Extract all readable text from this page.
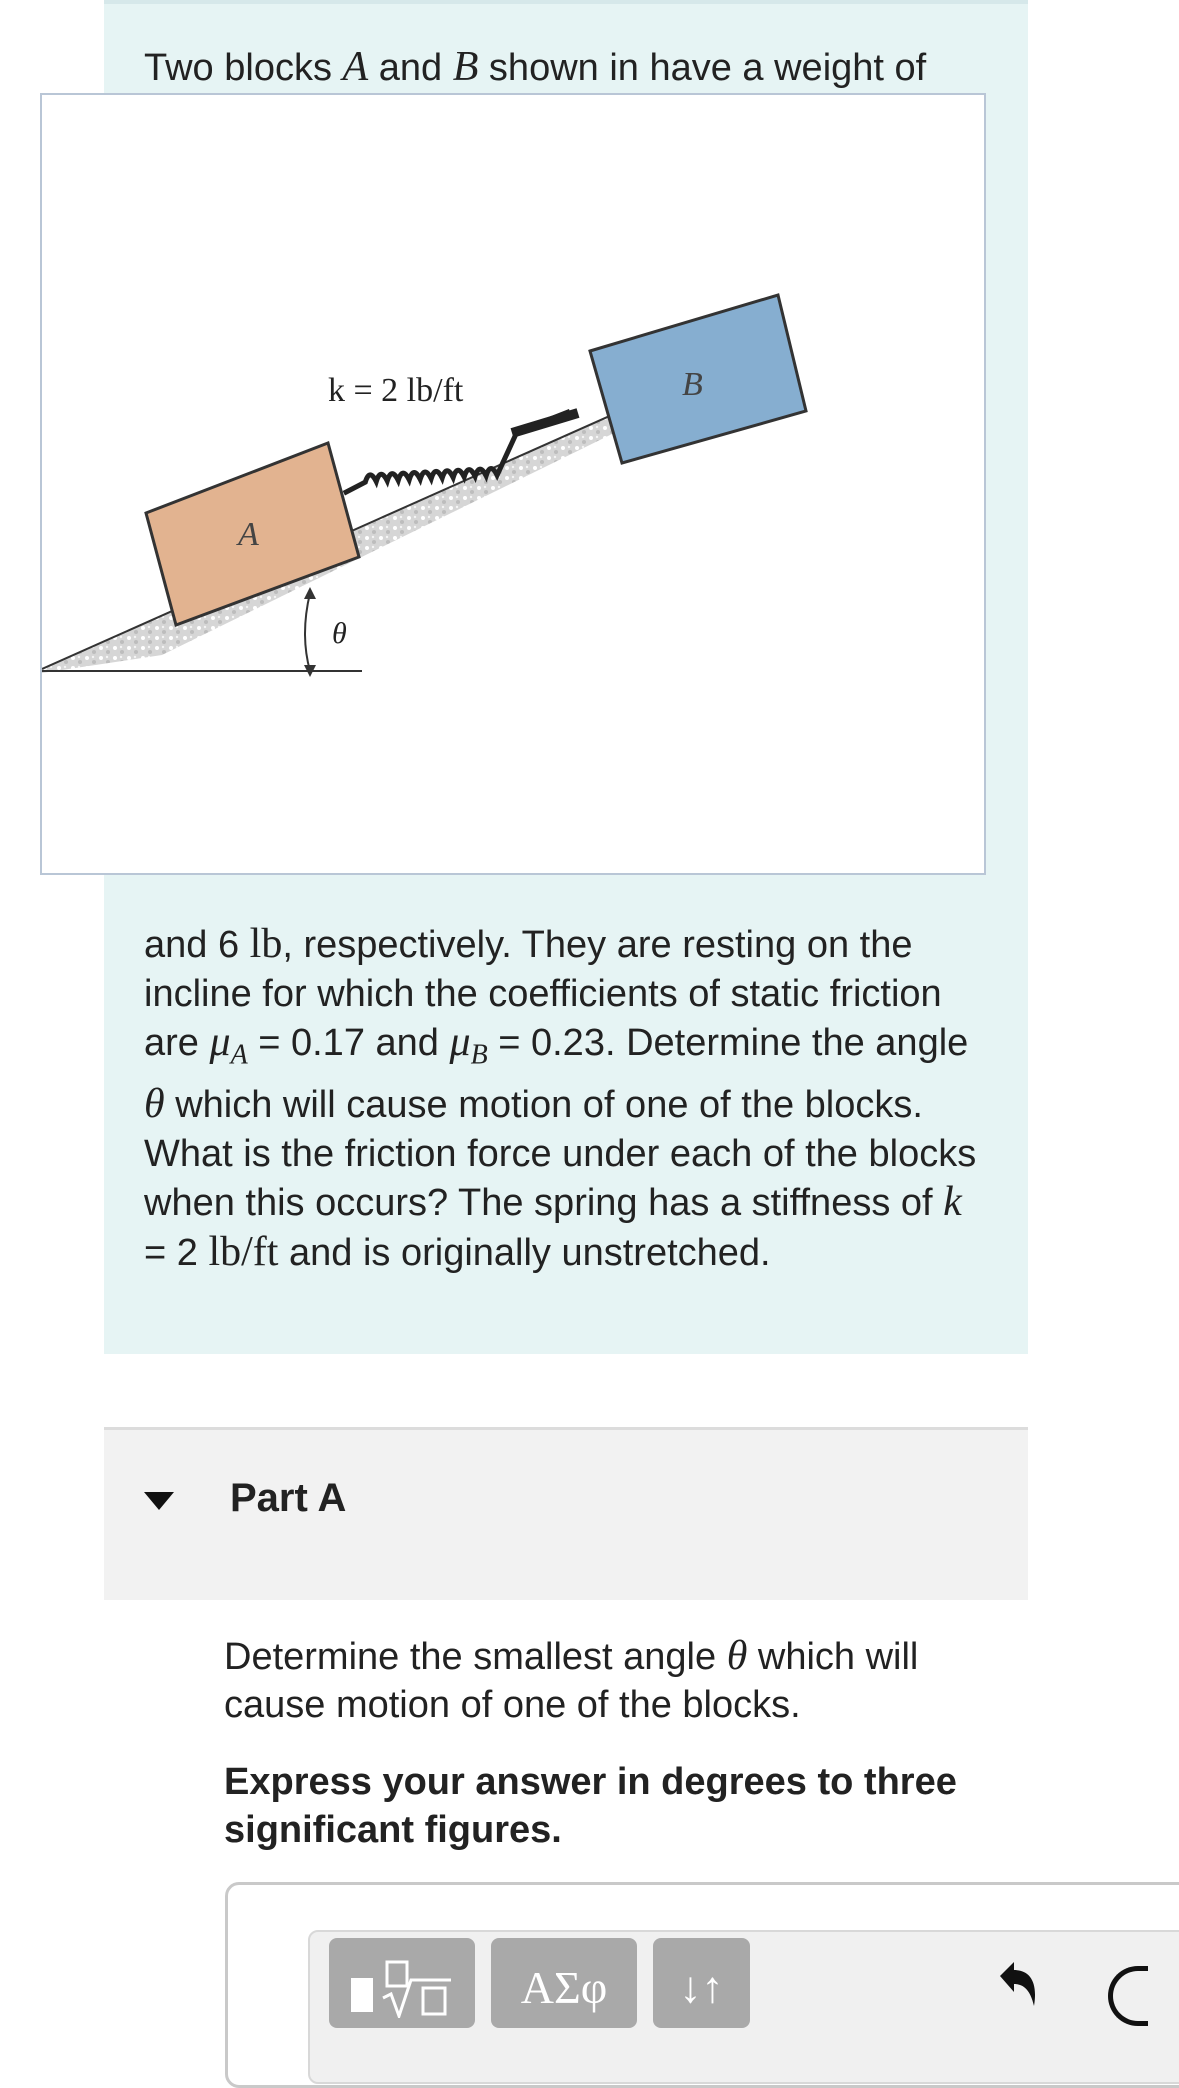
Two blocks A and B shown in have a weight of
θ
A
B
k = 2 lb/ft
and 6 lb, respectively. They are resting on the incline for which the coefficients of static friction are $\mu_A = 0.17$ and $\mu_B = 0.23$. Determine the angle θ which will cause motion of one of the blocks. What is the friction force under each of the blocks when this occurs? The spring has a stiffness of k = 2 lb/ft and is originally unstretched.
Part A
Determine the smallest angle θ which will cause motion of one of the blocks.
Express your answer in degrees to three significant figures.
ΑΣφ	↓↑
